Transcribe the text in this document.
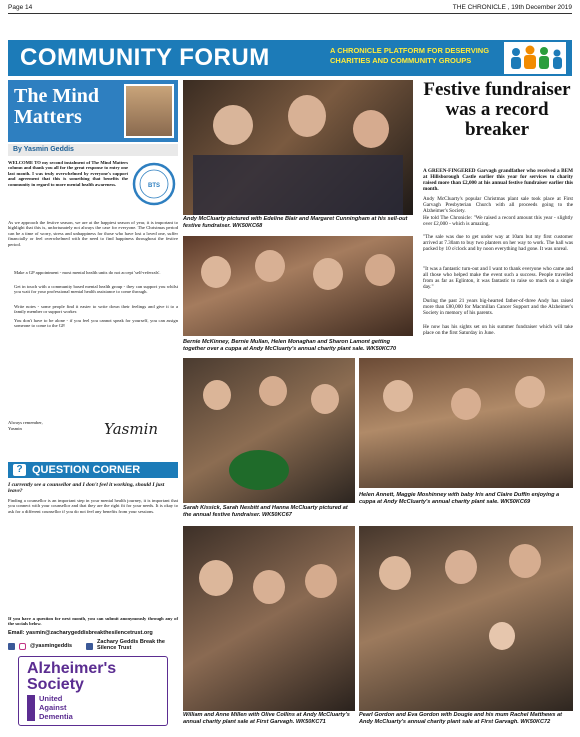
Page 14	THE CHRONICLE , 19th December 2019
COMMUNITY FORUM	A CHRONICLE PLATFORM FOR DESERVING CHARITIES AND COMMUNITY GROUPS
The Mind
Matters
By Yasmin Geddis
WELCOME TO my second instalment of The Mind Matters column and thank you all for the great response to entry one last month. I was truly overwhelmed by everyone's support and agreement that this is something that benefits the community in regard to more mental health awareness.	BTS
As we approach the festive season, we are at the happiest season of year, it is important to highlight that this is, unfortunately not always the case for everyone. The Christmas period can be a time of worry, stress and unhappiness for those who have lost a loved one, suffer financially or feel overwhelmed with the need to find happiness throughout the festive period.
Make a GP appointment - most mental health units do not accept 'self-referrals'.
Get in touch with a community based mental health group - they can support you whilst you wait for your professional mental health assistance to come through.
Write notes - some people find it easier to write down their feelings and give it to a family member or support worker.
You don't have to be alone - if you feel you cannot speak for yourself, you can assign someone to come to the GP.
Always remember,
Yasmin	Yasmin
? QUESTION CORNER
I currently see a counsellor and I don't feel it working, should I just leave?
Finding a counsellor is an important step in your mental health journey, it is important that you connect with your counsellor and that they are the right fit for your needs. It is okay to ask for a different counsellor if you do not feel any benefits from your sessions.
If you have a question for next month, you can submit anonymously through any of the socials below.
Email: yasmin@zacharygeddisbreakthesilencetrust.org
@yasmingeddis
Zachary Geddis Break the Silence Trust
Alzheimer's
Society
United
Against
Dementia
Andy McCluarty pictured with Edeline Blair and Margaret Cunningham at his sell-out festive fundraiser. WK50KC68
Bernie McKinney, Bernie Mullan, Helen Monaghan and Sharon Lamont getting together over a cuppa at Andy McCluarty's annual charity plant sale. WK50KC70
Sarah Kissick, Sarah Nesbitt and Hanna McCluarty pictured at the annual festive fundraiser. WK50KC67
Helen Annett, Maggie Moshinney with baby Iris and Claire Duffin enjoying a cuppa at Andy McCluarty's annual charity plant sale. WK50KC69
William and Anne Millen with Olive Collins at Andy McCluarty's annual charity plant sale at First Garvagh. WK50KC71
Pearl Gordon and Eva Gordon with Dougie and his mum Rachel Matthews at Andy McCluarty's annual charity plant sale at First Garvagh. WK50KC72
Festive fundraiser was a record breaker
A GREEN-FINGERED Garvagh grandfather who received a BEM at Hillsborough Castle earlier this year for services to charity raised more than £2,000 at his annual festive fundraiser earlier this month.
Andy McCluarty's popular Christmas plant sale took place at First Garvagh Presbyterian Church with all proceeds going to the Alzheimer's Society.
He told The Chronicle: "We raised a record amount this year - slightly over £2,000 - which is amazing.
"The sale was due to get under way at 10am but my first customer arrived at 7.30am to buy two planters on her way to work. The hall was packed by 10 o'clock and by noon everything had gone. It was unreal.
"It was a fantastic turn-out and I want to thank everyone who came and all those who helped make the event such a success. People travelled from as far as Eglinton, it was fantastic to raise so much on a single day."
During the past 21 years big-hearted father-of-three Andy has raised more than £80,000 for Macmillan Cancer Support and the Alzheimer's Society in memory of his parents.
He now has his sights set on his summer fundraiser which will take place on the first Saturday in June.
